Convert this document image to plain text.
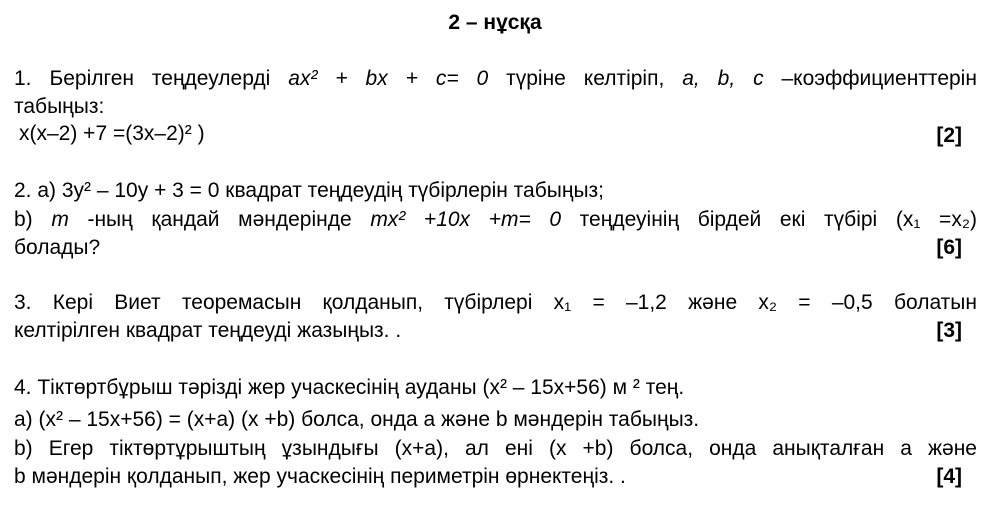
2 – нұсқа
1. Берілген теңдеулерді ax² + bx + c= 0 түріне келтіріп, a, b, c –коэффициенттерін
табыңыз:
x(x–2) +7 =(3x–2)² )	[2]
2. a) 3y² – 10y + 3 = 0 квадрат теңдеудің түбірлерін табыңыз;
b) m -ның қандай мәндерінде mx² +10x +m= 0 теңдеуінің бірдей екі түбірі (x₁ =x₂)
болады?	[6]
3. Кері Виет теоремасын қолданып, түбірлері x₁ = –1,2 және x₂ = –0,5 болатын
келтірілген квадрат теңдеуді жазыңыз. .	[3]
4. Тіктөртбұрыш тәрізді жер учаскесінің ауданы (x² – 15x+56) м ² тең.
a) (x² – 15x+56) = (x+a) (x +b) болса, онда a және b мәндерін табыңыз.
b) Егер тіктөртұрыштың ұзындығы (x+a), ал ені (x +b) болса, онда анықталған a және
b мәндерін қолданып, жер учаскесінің периметрін өрнектеңіз. .	[4]
